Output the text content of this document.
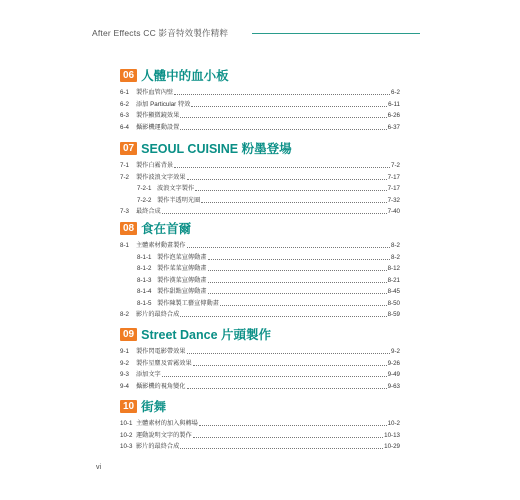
After Effects CC 影音特效製作精粹
06 人體中的血小板
6-1	製作血管內壁	6-2
6-2	添加 Particular 特效	6-11
6-3	製作顯微鏡效果	6-26
6-4	攝影機運動設置	6-37
07 SEOUL CUISINE 粉墨登場
7-1	製作白霧背景	7-2
7-2	製作波浪文字效果	7-17
7-2-1 波浪文字製作	7-17
7-2-2 製作半透明光圈	7-32
7-3	最終合成	7-40
08 食在首爾
8-1	主體素材動畫製作	8-2
8-1-1 製作泡菜宣傳動畫	8-2
8-1-2 製作菜菜宣傳動畫	8-12
8-1-3 製作漢菜宣傳動畫	8-21
8-1-4 製作甜點宣傳動畫	8-45
8-1-5 製作陳製工藝宣傳動畫	8-50
8-2	影片的最終合成	8-59
09 Street Dance 片頭製作
9-1	製作閃電影帶效果	9-2
9-2	製作星塵及雷霧效果	9-26
9-3	添加文字	9-49
9-4	攝影機的視角變化	9-63
10 街舞
10-1 主體素材的加入與轉場	10-2
10-2 運動說明文字的製作	10-13
10-3 影片的最終合成	10-29
vi
